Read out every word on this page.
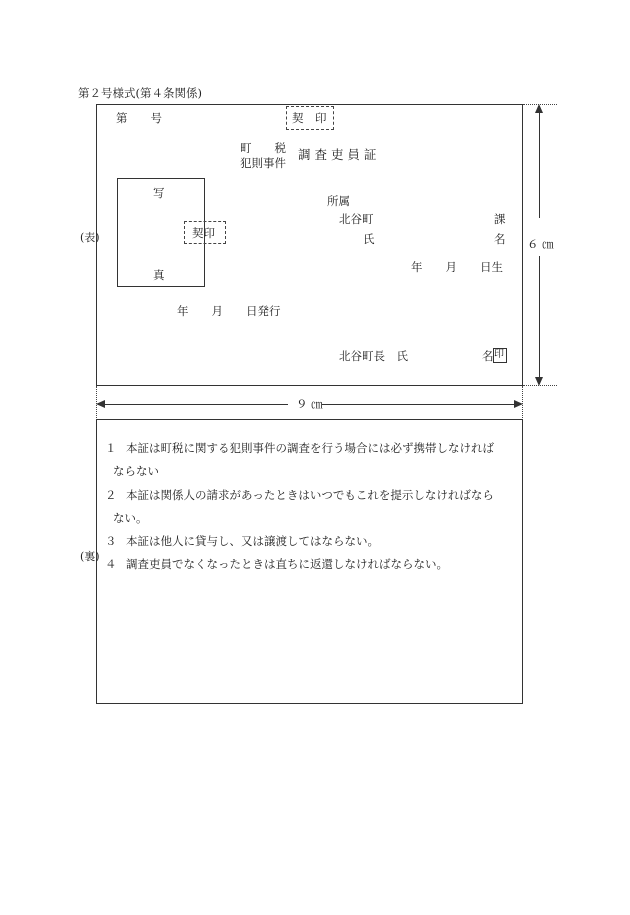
第２号様式(第４条関係)
(表)
第　　号	契　印
町　　税
犯則事件
調 査 吏 員 証
写
真
契印
所属
北谷町	課
氏	名
年　　月　　日生
年　　月　　日発行
北谷町長　氏	名 印
６ ㎝
９ ㎝
(裏)
１ 本証は町税に関する犯則事件の調査を行う場合には必ず携帯しなければ
ならない
２ 本証は関係人の請求があったときはいつでもこれを提示しなければなら
ない。
３ 本証は他人に貸与し、又は譲渡してはならない。
４ 調査吏員でなくなったときは直ちに返還しなければならない。
